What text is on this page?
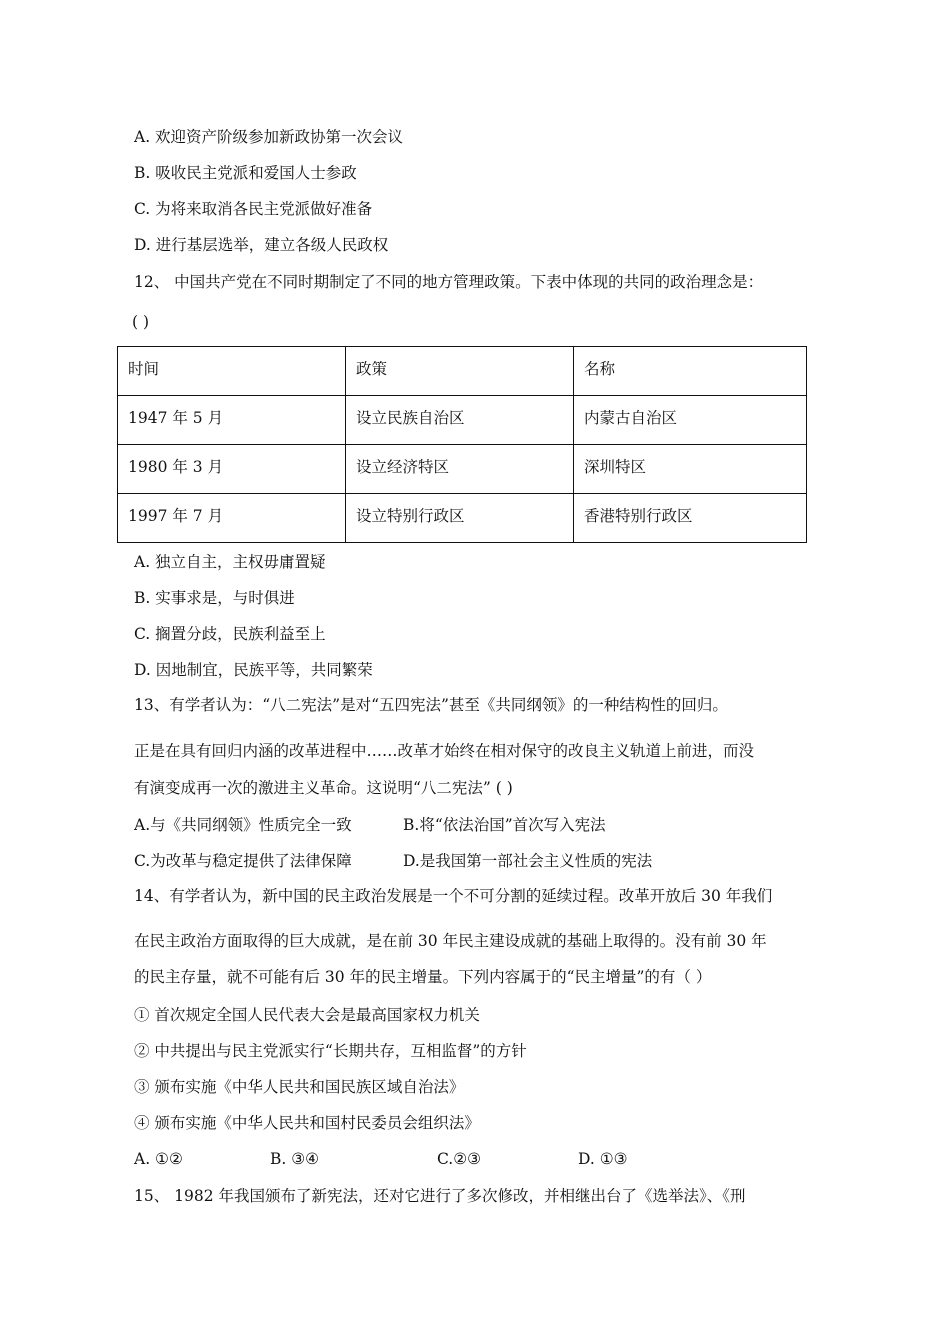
A. 欢迎资产阶级参加新政协第一次会议
B. 吸收民主党派和爱国人士参政
C. 为将来取消各民主党派做好准备
D. 进行基层选举，建立各级人民政权
12、 中国共产党在不同时期制定了不同的地方管理政策。下表中体现的共同的政治理念是：
( )
时间	政策	名称
1947 年 5 月	设立民族自治区	内蒙古自治区
1980 年 3 月	设立经济特区	深圳特区
1997 年 7 月	设立特别行政区	香港特别行政区
A. 独立自主，主权毋庸置疑
B. 实事求是，与时俱进
C. 搁置分歧，民族利益至上
D. 因地制宜，民族平等，共同繁荣
13、有学者认为：“八二宪法”是对“五四宪法”甚至《共同纲领》的一种结构性的回归。
正是在具有回归内涵的改革进程中……改革才始终在相对保守的改良主义轨道上前进，而没
有演变成再一次的激进主义革命。这说明“八二宪法” ( )
A.与《共同纲领》性质完全一致	B.将“依法治国”首次写入宪法
C.为改革与稳定提供了法律保障	D.是我国第一部社会主义性质的宪法
14、有学者认为，新中国的民主政治发展是一个不可分割的延续过程。改革开放后 30 年我们
在民主政治方面取得的巨大成就，是在前 30 年民主建设成就的基础上取得的。没有前 30 年
的民主存量，就不可能有后 30 年的民主增量。下列内容属于的“民主增量”的有（ ）
① 首次规定全国人民代表大会是最高国家权力机关
② 中共提出与民主党派实行“长期共存，互相监督”的方针
③ 颁布实施《中华人民共和国民族区域自治法》
④ 颁布实施《中华人民共和国村民委员会组织法》
A. ①②	B. ③④	C.②③	D. ①③
15、 1982 年我国颁布了新宪法，还对它进行了多次修改，并相继出台了《选举法》、《刑
